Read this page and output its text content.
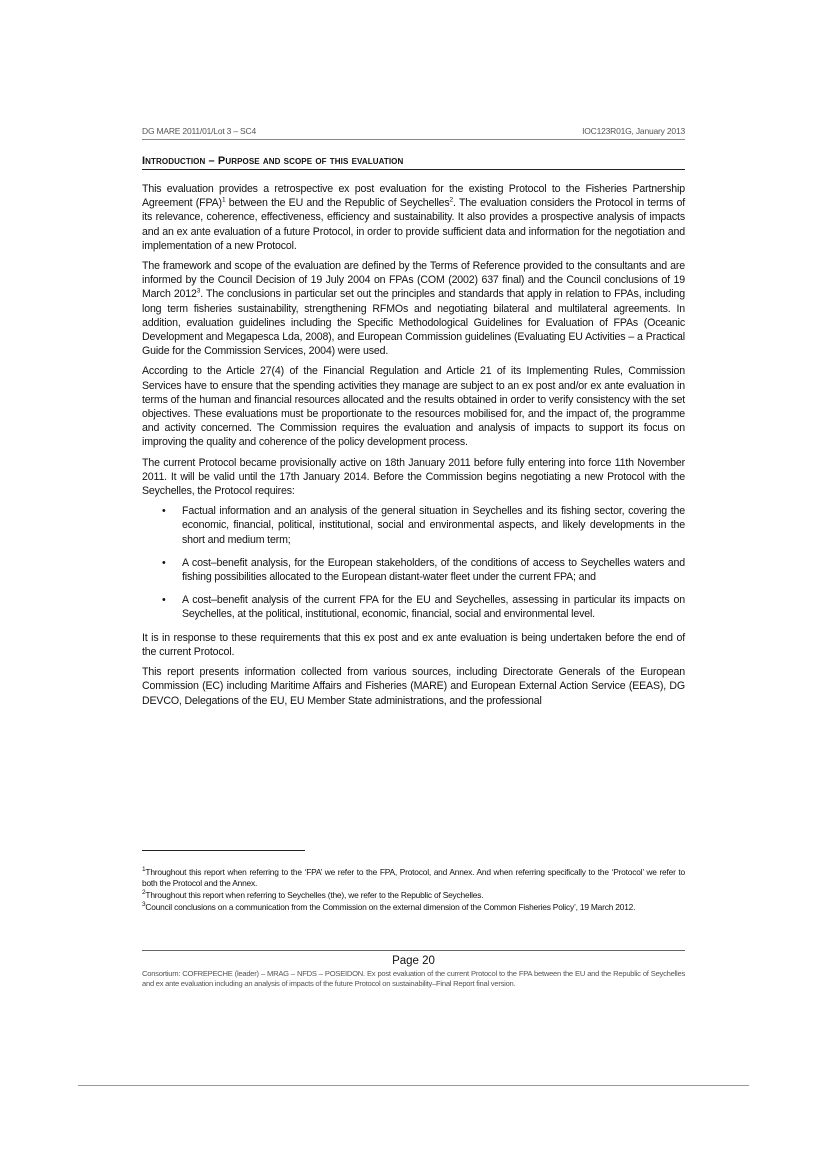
DG MARE 2011/01/Lot 3 – SC4	IOC123R01G, January 2013
Introduction – Purpose and scope of this evaluation

This evaluation provides a retrospective ex post evaluation for the existing Protocol to the Fisheries Partnership Agreement (FPA)$^1$ between the EU and the Republic of Seychelles$^2$. The evaluation considers the Protocol in terms of its relevance, coherence, effectiveness, efficiency and sustainability. It also provides a prospective analysis of impacts and an ex ante evaluation of a future Protocol, in order to provide sufficient data and information for the negotiation and implementation of a new Protocol.

The framework and scope of the evaluation are defined by the Terms of Reference provided to the consultants and are informed by the Council Decision of 19 July 2004 on FPAs (COM (2002) 637 final) and the Council conclusions of 19 March 2012$^3$. The conclusions in particular set out the principles and standards that apply in relation to FPAs, including long term fisheries sustainability, strengthening RFMOs and negotiating bilateral and multilateral agreements. In addition, evaluation guidelines including the Specific Methodological Guidelines for Evaluation of FPAs (Oceanic Development and Megapesca Lda, 2008), and European Commission guidelines (Evaluating EU Activities – a Practical Guide for the Commission Services, 2004) were used.

According to the Article 27(4) of the Financial Regulation and Article 21 of its Implementing Rules, Commission Services have to ensure that the spending activities they manage are subject to an ex post and/or ex ante evaluation in terms of the human and financial resources allocated and the results obtained in order to verify consistency with the set objectives. These evaluations must be proportionate to the resources mobilised for, and the impact of, the programme and activity concerned. The Commission requires the evaluation and analysis of impacts to support its focus on improving the quality and coherence of the policy development process.

The current Protocol became provisionally active on 18th January 2011 before fully entering into force 11th November 2011. It will be valid until the 17th January 2014. Before the Commission begins negotiating a new Protocol with the Seychelles, the Protocol requires:

• Factual information and an analysis of the general situation in Seychelles and its fishing sector, covering the economic, financial, political, institutional, social and environmental aspects, and likely developments in the short and medium term;
• A cost–benefit analysis, for the European stakeholders, of the conditions of access to Seychelles waters and fishing possibilities allocated to the European distant-water fleet under the current FPA; and
• A cost–benefit analysis of the current FPA for the EU and Seychelles, assessing in particular its impacts on Seychelles, at the political, institutional, economic, financial, social and environmental level.

It is in response to these requirements that this ex post and ex ante evaluation is being undertaken before the end of the current Protocol.

This report presents information collected from various sources, including Directorate Generals of the European Commission (EC) including Maritime Affairs and Fisheries (MARE) and European External Action Service (EEAS), DG DEVCO, Delegations of the EU, EU Member State administrations, and the professional

$^1$Throughout this report when referring to the ‘FPA’ we refer to the FPA, Protocol, and Annex. And when referring specifically to the ‘Protocol’ we refer to both the Protocol and the Annex.

$^2$Throughout this report when referring to Seychelles (the), we refer to the Republic of Seychelles.

$^3$Council conclusions on a communication from the Commission on the external dimension of the Common Fisheries Policy’, 19 March 2012.

Page 20
Consortium: COFREPECHE (leader) – MRAG – NFDS – POSEIDON. Ex post evaluation of the current Protocol to the FPA between the EU and the Republic of Seychelles and ex ante evaluation including an analysis of impacts of the future Protocol on sustainability–Final Report final version.
